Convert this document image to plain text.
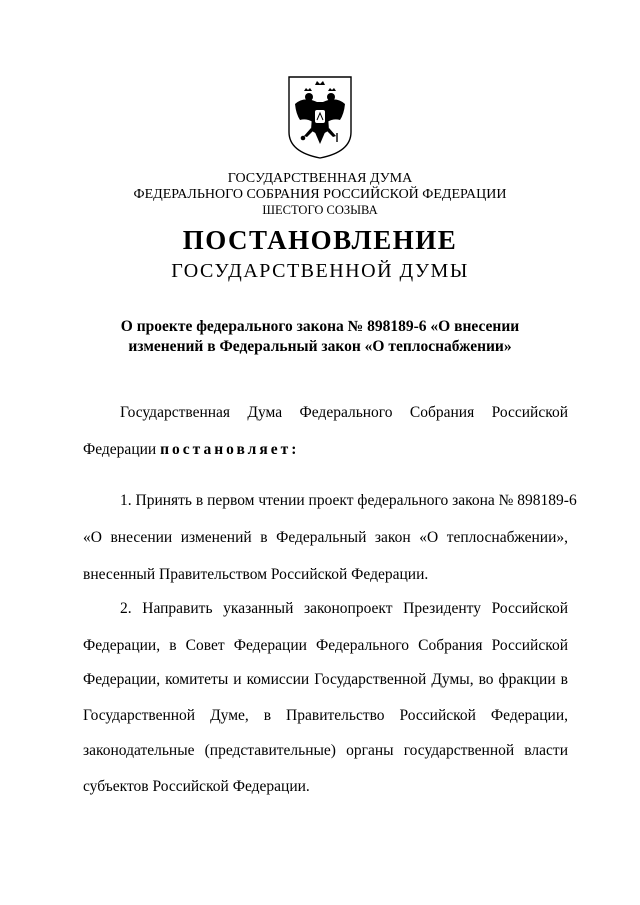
ГОСУДАРСТВЕННАЯ ДУМА
ФЕДЕРАЛЬНОГО СОБРАНИЯ РОССИЙСКОЙ ФЕДЕРАЦИИ
ШЕСТОГО СОЗЫВА
ПОСТАНОВЛЕНИЕ
ГОСУДАРСТВЕННОЙ ДУМЫ
О проекте федерального закона № 898189-6 «О внесении
изменений в Федеральный закон «О теплоснабжении»
Государственная Дума Федерального Собрания Российской
Федерации постановляет:
1. Принять в первом чтении проект федерального закона № 898189-6
«О внесении изменений в Федеральный закон «О теплоснабжении»,
внесенный Правительством Российской Федерации.
2. Направить указанный законопроект Президенту Российской
Федерации, в Совет Федерации Федерального Собрания Российской
Федерации, комитеты и комиссии Государственной Думы, во фракции в
Государственной Думе, в Правительство Российской Федерации,
законодательные (представительные) органы государственной власти
субъектов Российской Федерации.
